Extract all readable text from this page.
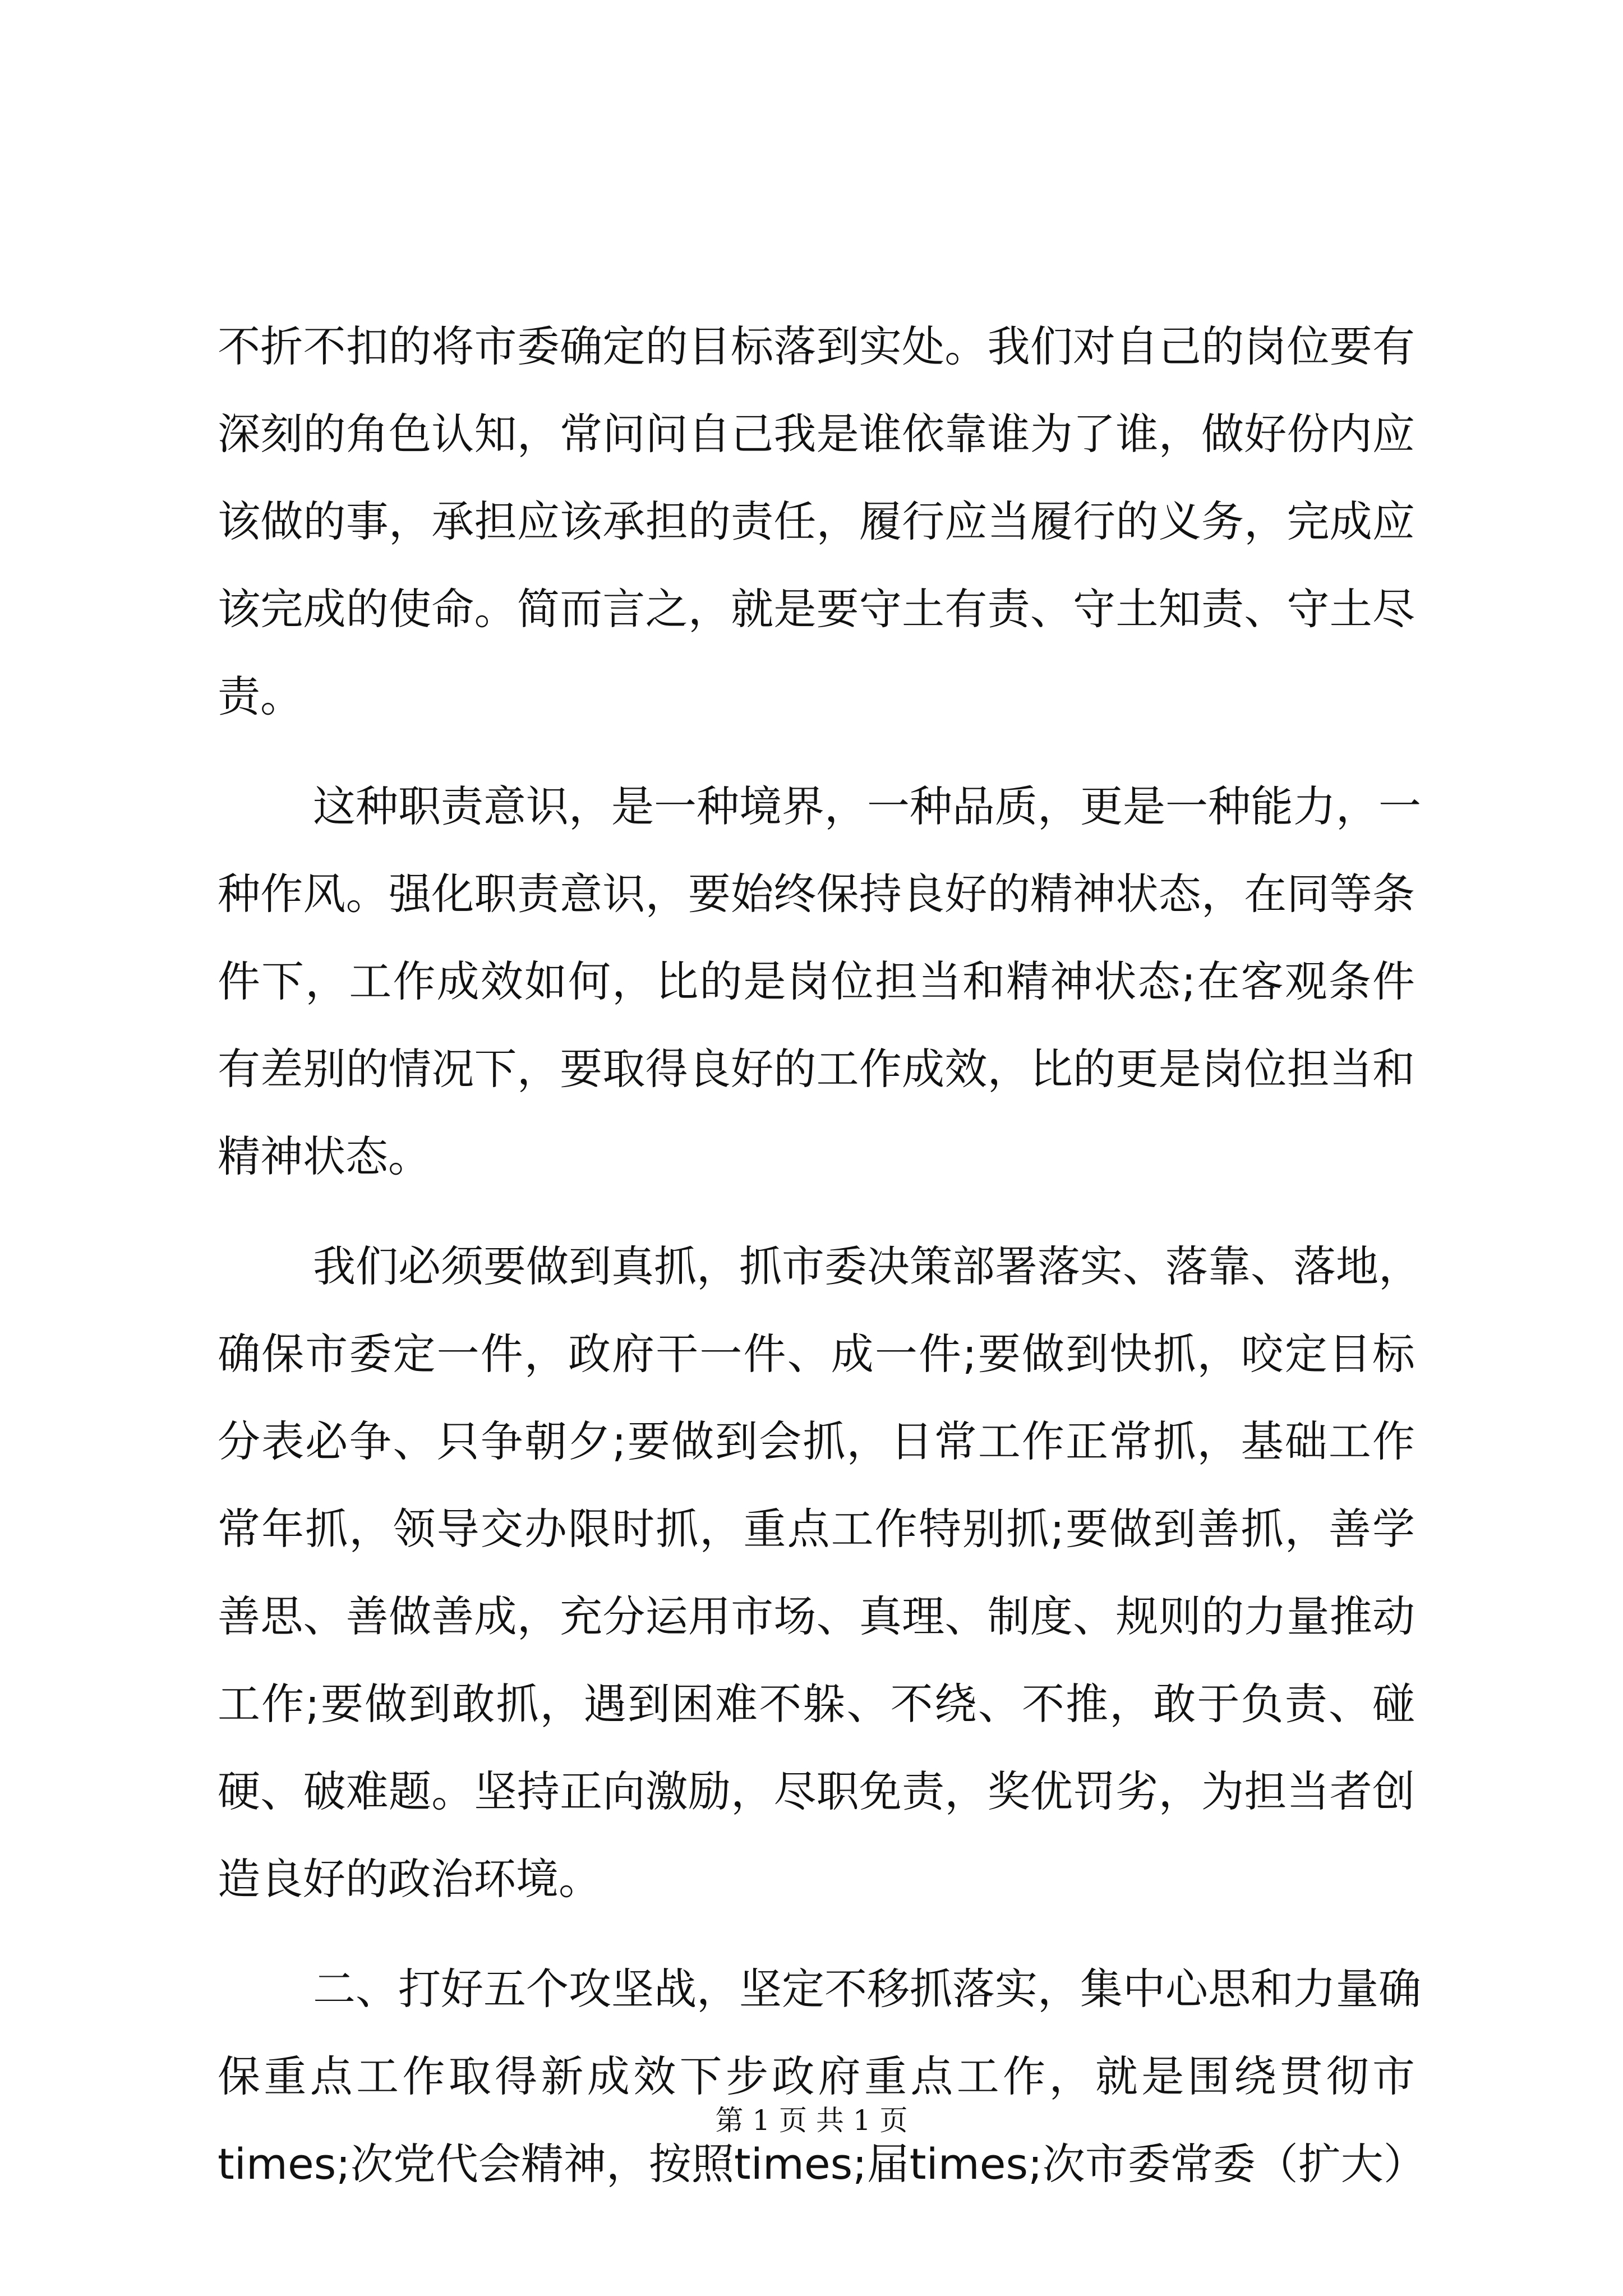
不折不扣的将市委确定的目标落到实处。我们对自己的岗位要有
深刻的角色认知，常问问自己我是谁依靠谁为了谁，做好份内应
该做的事，承担应该承担的责任，履行应当履行的义务，完成应
该完成的使命。简而言之，就是要守土有责、守土知责、守土尽
责。
这种职责意识，是一种境界，一种品质，更是一种能力，一
种作风。强化职责意识，要始终保持良好的精神状态，在同等条
件下，工作成效如何，比的是岗位担当和精神状态;在客观条件
有差别的情况下，要取得良好的工作成效，比的更是岗位担当和
精神状态。
我们必须要做到真抓，抓市委决策部署落实、落靠、落地，
确保市委定一件，政府干一件、成一件;要做到快抓，咬定目标
分表必争、只争朝夕;要做到会抓，日常工作正常抓，基础工作
常年抓，领导交办限时抓，重点工作特别抓;要做到善抓，善学
善思、善做善成，充分运用市场、真理、制度、规则的力量推动
工作;要做到敢抓，遇到困难不躲、不绕、不推，敢于负责、碰
硬、破难题。坚持正向激励，尽职免责，奖优罚劣，为担当者创
造良好的政治环境。
二、打好五个攻坚战，坚定不移抓落实，集中心思和力量确
保重点工作取得新成效下步政府重点工作，就是围绕贯彻市
times;次党代会精神，按照times;届times;次市委常委（扩大）
第 1 页 共 1 页
